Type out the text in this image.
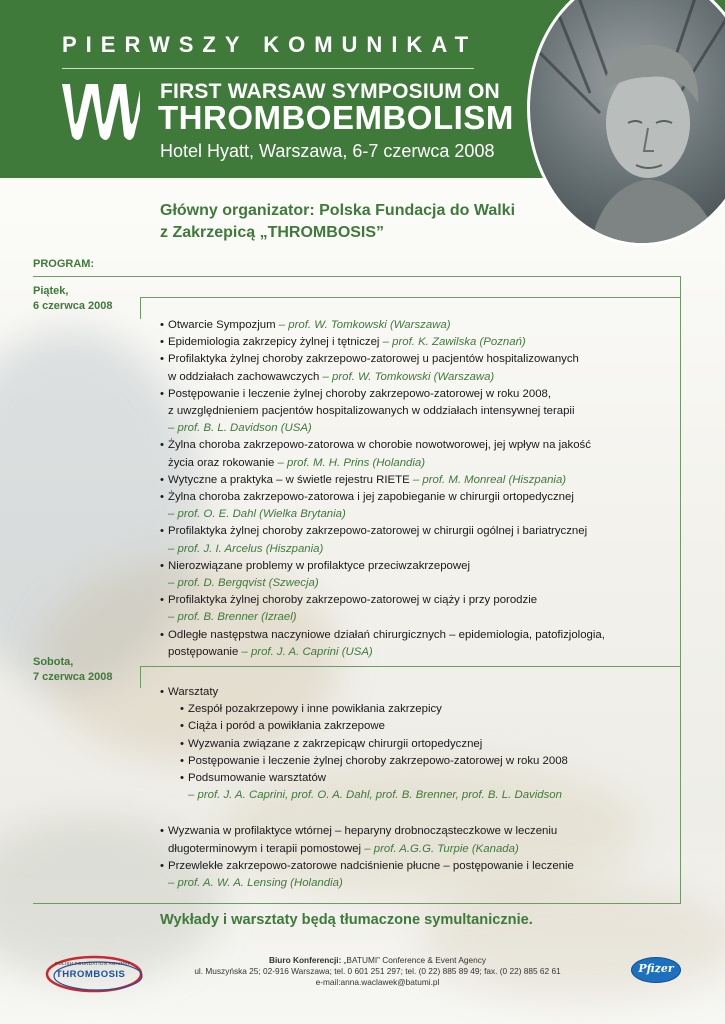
PIERWSZY KOMUNIKAT
FIRST WARSAW SYMPOSIUM ON
THROMBOEMBOLISM
Hotel Hyatt, Warszawa, 6-7 czerwca 2008
Główny organizator: Polska Fundacja do Walki
z Zakrzepicą „THROMBOSIS”
PROGRAM:
Piątek,
6 czerwca 2008
• Otwarcie Sympozjum – prof. W. Tomkowski (Warszawa)
• Epidemiologia zakrzepicy żylnej i tętniczej – prof. K. Zawilska (Poznań)
• Profilaktyka żylnej choroby zakrzepowo-zatorowej u pacjentów hospitalizowanych
w oddziałach zachowawczych – prof. W. Tomkowski (Warszawa)
• Postępowanie i leczenie żylnej choroby zakrzepowo-zatorowej w roku 2008,
z uwzględnieniem pacjentów hospitalizowanych w oddziałach intensywnej terapii
– prof. B. L. Davidson (USA)
• Żylna choroba zakrzepowo-zatorowa w chorobie nowotworowej, jej wpływ na jakość
życia oraz rokowanie – prof. M. H. Prins (Holandia)
• Wytyczne a praktyka – w świetle rejestru RIETE – prof. M. Monreal (Hiszpania)
• Żylna choroba zakrzepowo-zatorowa i jej zapobieganie w chirurgii ortopedycznej
– prof. O. E. Dahl (Wielka Brytania)
• Profilaktyka żylnej choroby zakrzepowo-zatorowej w chirurgii ogólnej i bariatrycznej
– prof. J. I. Arcelus (Hiszpania)
• Nierozwiązane problemy w profilaktyce przeciwzakrzepowej
– prof. D. Bergqvist (Szwecja)
• Profilaktyka żylnej choroby zakrzepowo-zatorowej w ciąży i przy porodzie
– prof. B. Brenner (Izrael)
• Odległe następstwa naczyniowe działań chirurgicznych – epidemiologia, patofizjologia,
postępowanie – prof. J. A. Caprini (USA)
Sobota,
7 czerwca 2008
• Warsztaty
• Zespół pozakrzepowy i inne powikłania zakrzepicy
• Ciąża i poród a powikłania zakrzepowe
• Wyzwania związane z zakrzepicąw chirurgii ortopedycznej
• Postępowanie i leczenie żylnej choroby zakrzepowo-zatorowej w roku 2008
• Podsumowanie warsztatów
– prof. J. A. Caprini, prof. O. A. Dahl, prof. B. Brenner, prof. B. L. Davidson
• Wyzwania w profilaktyce wtórnej – heparyny drobnocząsteczkowe w leczeniu
długoterminowym i terapii pomostowej – prof. A.G.G. Turpie (Kanada)
• Przewlekłe zakrzepowo-zatorowe nadciśnienie płucne – postępowanie i leczenie
– prof. A. W. A. Lensing (Holandia)
Wykłady i warsztaty będą tłumaczone symultanicznie.
POLISH FOUNDATION AGAINST
THROMBOSIS
Biuro Konferencji: „BATUMI” Conference & Event Agency
ul. Muszyńska 25; 02-916 Warszawa; tel. 0 601 251 297; tel. (0 22) 885 89 49; fax. (0 22) 885 62 61
e-mail:anna.waclawek@batumi.pl
Pfizer
